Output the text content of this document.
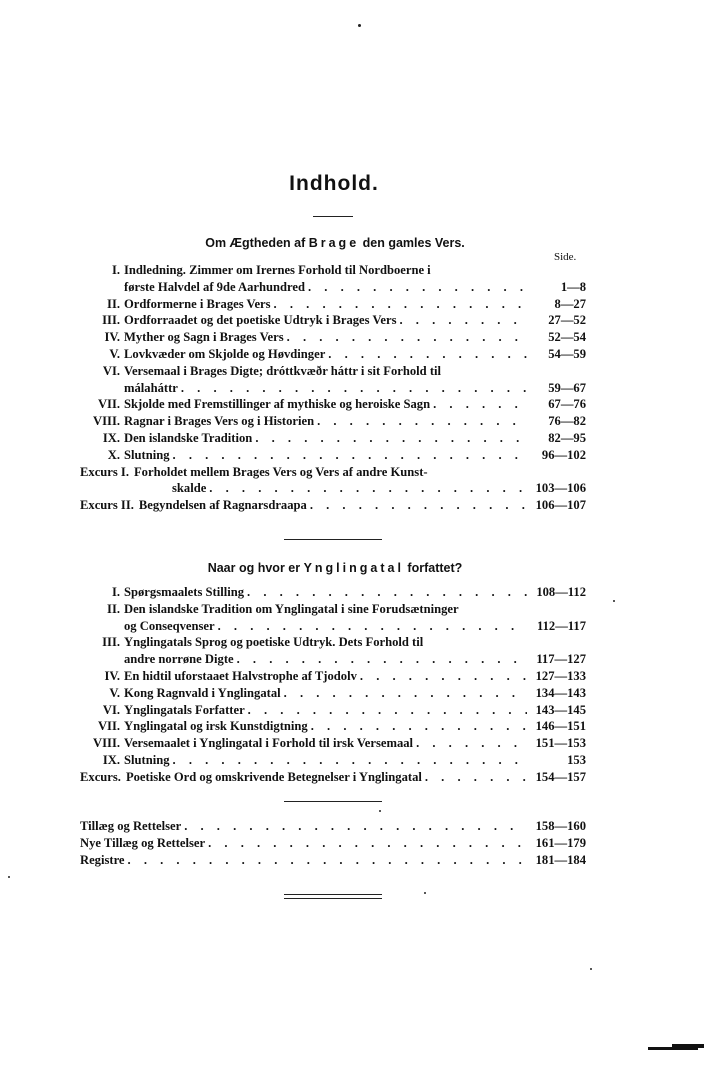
Indhold.
Om Ægtheden af Brage den gamles Vers.
Side.
I. Indledning. Zimmer om Irernes Forhold til Nordboerne i
første Halvdel af 9de Aarhundred . . .	1—8
II. Ordformerne i Brages Vers . . .	8—27
III. Ordforraadet og det poetiske Udtryk i Brages Vers . . .	27—52
IV. Myther og Sagn i Brages Vers . . .	52—54
V. Lovkvæder om Skjolde og Høvdinger . . .	54—59
VI. Versemaal i Brages Digte; dróttkvæðr háttr i sit Forhold til
málaháttr . . .	59—67
VII. Skjolde med Fremstillinger af mythiske og heroiske Sagn . . .	67—76
VIII. Ragnar i Brages Vers og i Historien . . .	76—82
IX. Den islandske Tradition . . .	82—95
X. Slutning . . .	96—102
Excurs I. Forholdet mellem Brages Vers og Vers af andre Kunst-
skalde . . .	103—106
Excurs II. Begyndelsen af Ragnarsdraapa . . .	106—107
Naar og hvor er Ynglingatal forfattet?
I. Spørgsmaalets Stilling . . .	108—112
II. Den islandske Tradition om Ynglingatal i sine Forudsætninger
og Conseqvenser . . .	112—117
III. Ynglingatals Sprog og poetiske Udtryk. Dets Forhold til
andre norrøne Digte . . .	117—127
IV. En hidtil uforstaaet Halvstrophe af Tjodolv . . .	127—133
V. Kong Ragnvald i Ynglingatal . . .	134—143
VI. Ynglingatals Forfatter . . .	143—145
VII. Ynglingatal og irsk Kunstdigtning . . .	146—151
VIII. Versemaalet i Ynglingatal i Forhold til irsk Versemaal . . .	151—153
IX. Slutning . . .	153
Excurs. Poetiske Ord og omskrivende Betegnelser i Ynglingatal . . .	154—157
Tillæg og Rettelser . . .	158—160
Nye Tillæg og Rettelser . . .	161—179
Registre . . .	181—184
